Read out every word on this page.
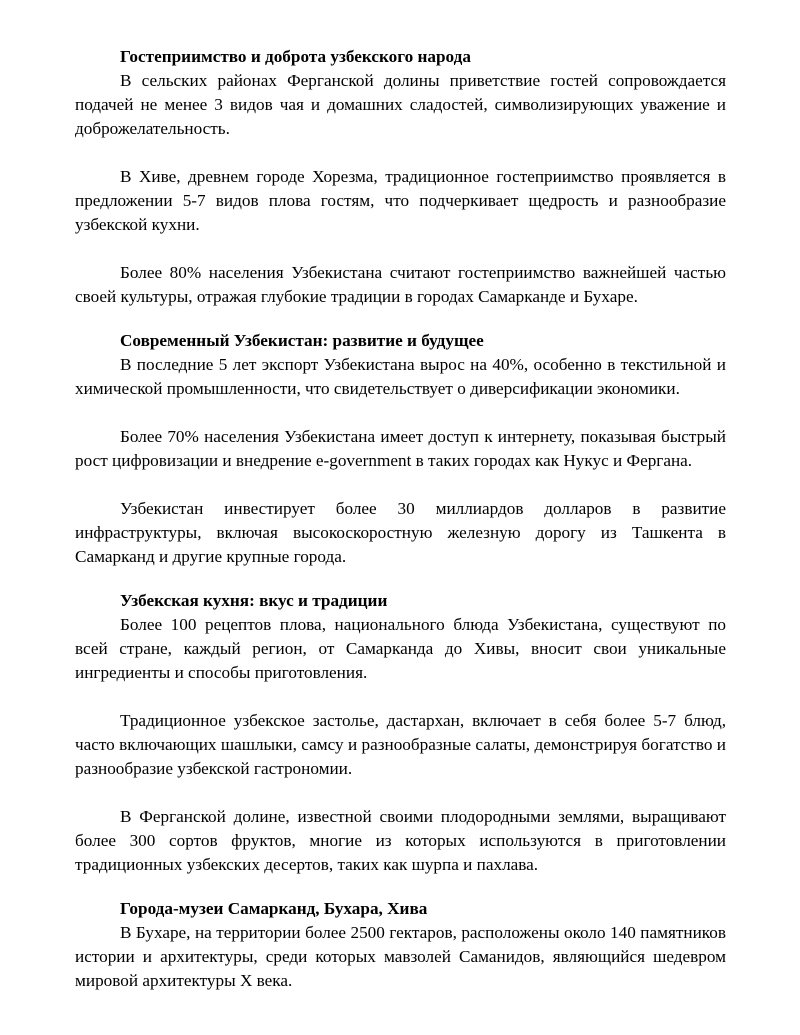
Гостеприимство и доброта узбекского народа

В сельских районах Ферганской долины приветствие гостей сопровождается подачей не менее 3 видов чая и домашних сладостей, символизирующих уважение и доброжелательность.

В Хиве, древнем городе Хорезма, традиционное гостеприимство проявляется в предложении 5-7 видов плова гостям, что подчеркивает щедрость и разнообразие узбекской кухни.

Более 80% населения Узбекистана считают гостеприимство важнейшей частью своей культуры, отражая глубокие традиции в городах Самарканде и Бухаре.

Современный Узбекистан: развитие и будущее

В последние 5 лет экспорт Узбекистана вырос на 40%, особенно в текстильной и химической промышленности, что свидетельствует о диверсификации экономики.

Более 70% населения Узбекистана имеет доступ к интернету, показывая быстрый рост цифровизации и внедрение e-government в таких городах как Нукус и Фергана.

Узбекистан инвестирует более 30 миллиардов долларов в развитие инфраструктуры, включая высокоскоростную железную дорогу из Ташкента в Самарканд и другие крупные города.

Узбекская кухня: вкус и традиции

Более 100 рецептов плова, национального блюда Узбекистана, существуют по всей стране, каждый регион, от Самарканда до Хивы, вносит свои уникальные ингредиенты и способы приготовления.

Традиционное узбекское застолье, дастархан, включает в себя более 5-7 блюд, часто включающих шашлыки, самсу и разнообразные салаты, демонстрируя богатство и разнообразие узбекской гастрономии.

В Ферганской долине, известной своими плодородными землями, выращивают более 300 сортов фруктов, многие из которых используются в приготовлении традиционных узбекских десертов, таких как шурпа и пахлава.

Города-музеи Самарканд, Бухара, Хива

В Бухаре, на территории более 2500 гектаров, расположены около 140 памятников истории и архитектуры, среди которых мавзолей Саманидов, являющийся шедевром мировой архитектуры X века.
